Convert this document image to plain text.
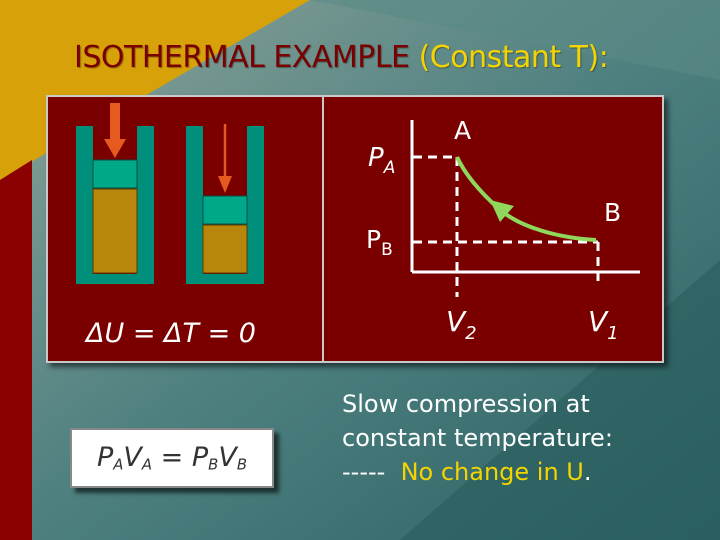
ISOTHERMAL EXAMPLE (Constant T):
$P_A$
$P_B$
A
B
$V_2$	$V_1$
ΔU = ΔT = 0
$P_AV_A = P_BV_B$
Slow compression at
constant temperature:
-----  No change in U.
